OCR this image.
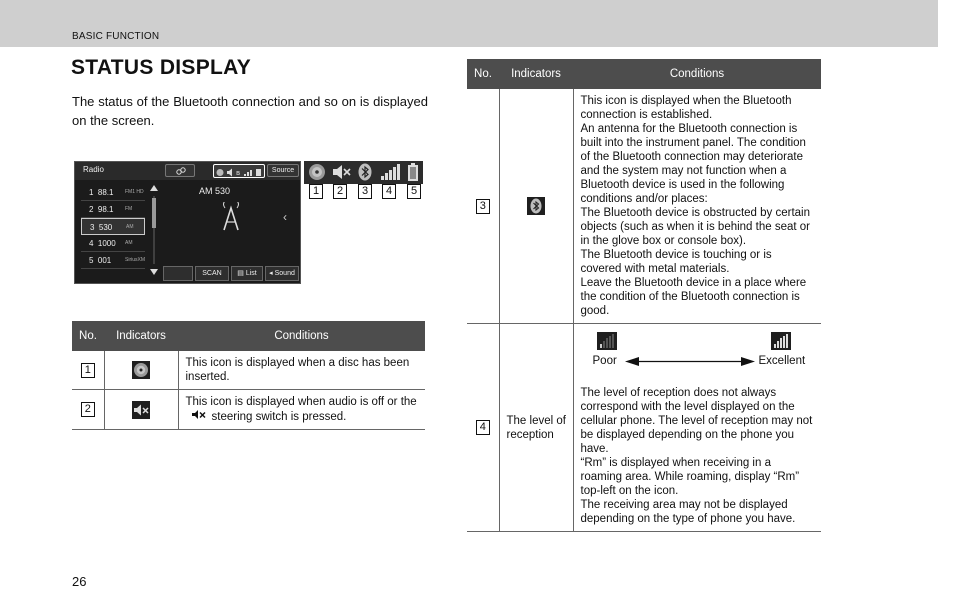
BASIC FUNCTION
STATUS DISPLAY

The status of the Bluetooth connection and so on is displayed on the screen.

Radio	ʙ	Source
1 88.1 FM1 HD
2 98.1 FM
3 530	AM
4 1000 AM
5 001	SiriusXM
AM 530
‹
SCAN	▤ List	◂ Sound
1	2	3	4	5
No.	Indicators	Conditions
1		This icon is displayed when a disc has been inserted.
2		This icon is displayed when audio is off or the
steering switch is pressed.
No.	Indicators	Conditions
3		This icon is displayed when the Bluetooth connection is established.
An antenna for the Bluetooth connection is built into the instrument panel. The condition of the Bluetooth connection may deteriorate and the system may not function when a Bluetooth device is used in the following conditions and/or places:
The Bluetooth device is obstructed by certain objects (such as when it is behind the seat or in the glove box or console box).
The Bluetooth device is touching or is covered with metal materials.
Leave the Bluetooth device in a place where the condition of the Bluetooth connection is good.

4	The level of reception	Poor Excellent
The level of reception does not always correspond with the level displayed on the cellular phone. The level of reception may not be displayed depending on the phone you have.
“Rm” is displayed when receiving in a roaming area. While roaming, display “Rm” top-left on the icon.
The receiving area may not be displayed depending on the type of phone you have.
26
